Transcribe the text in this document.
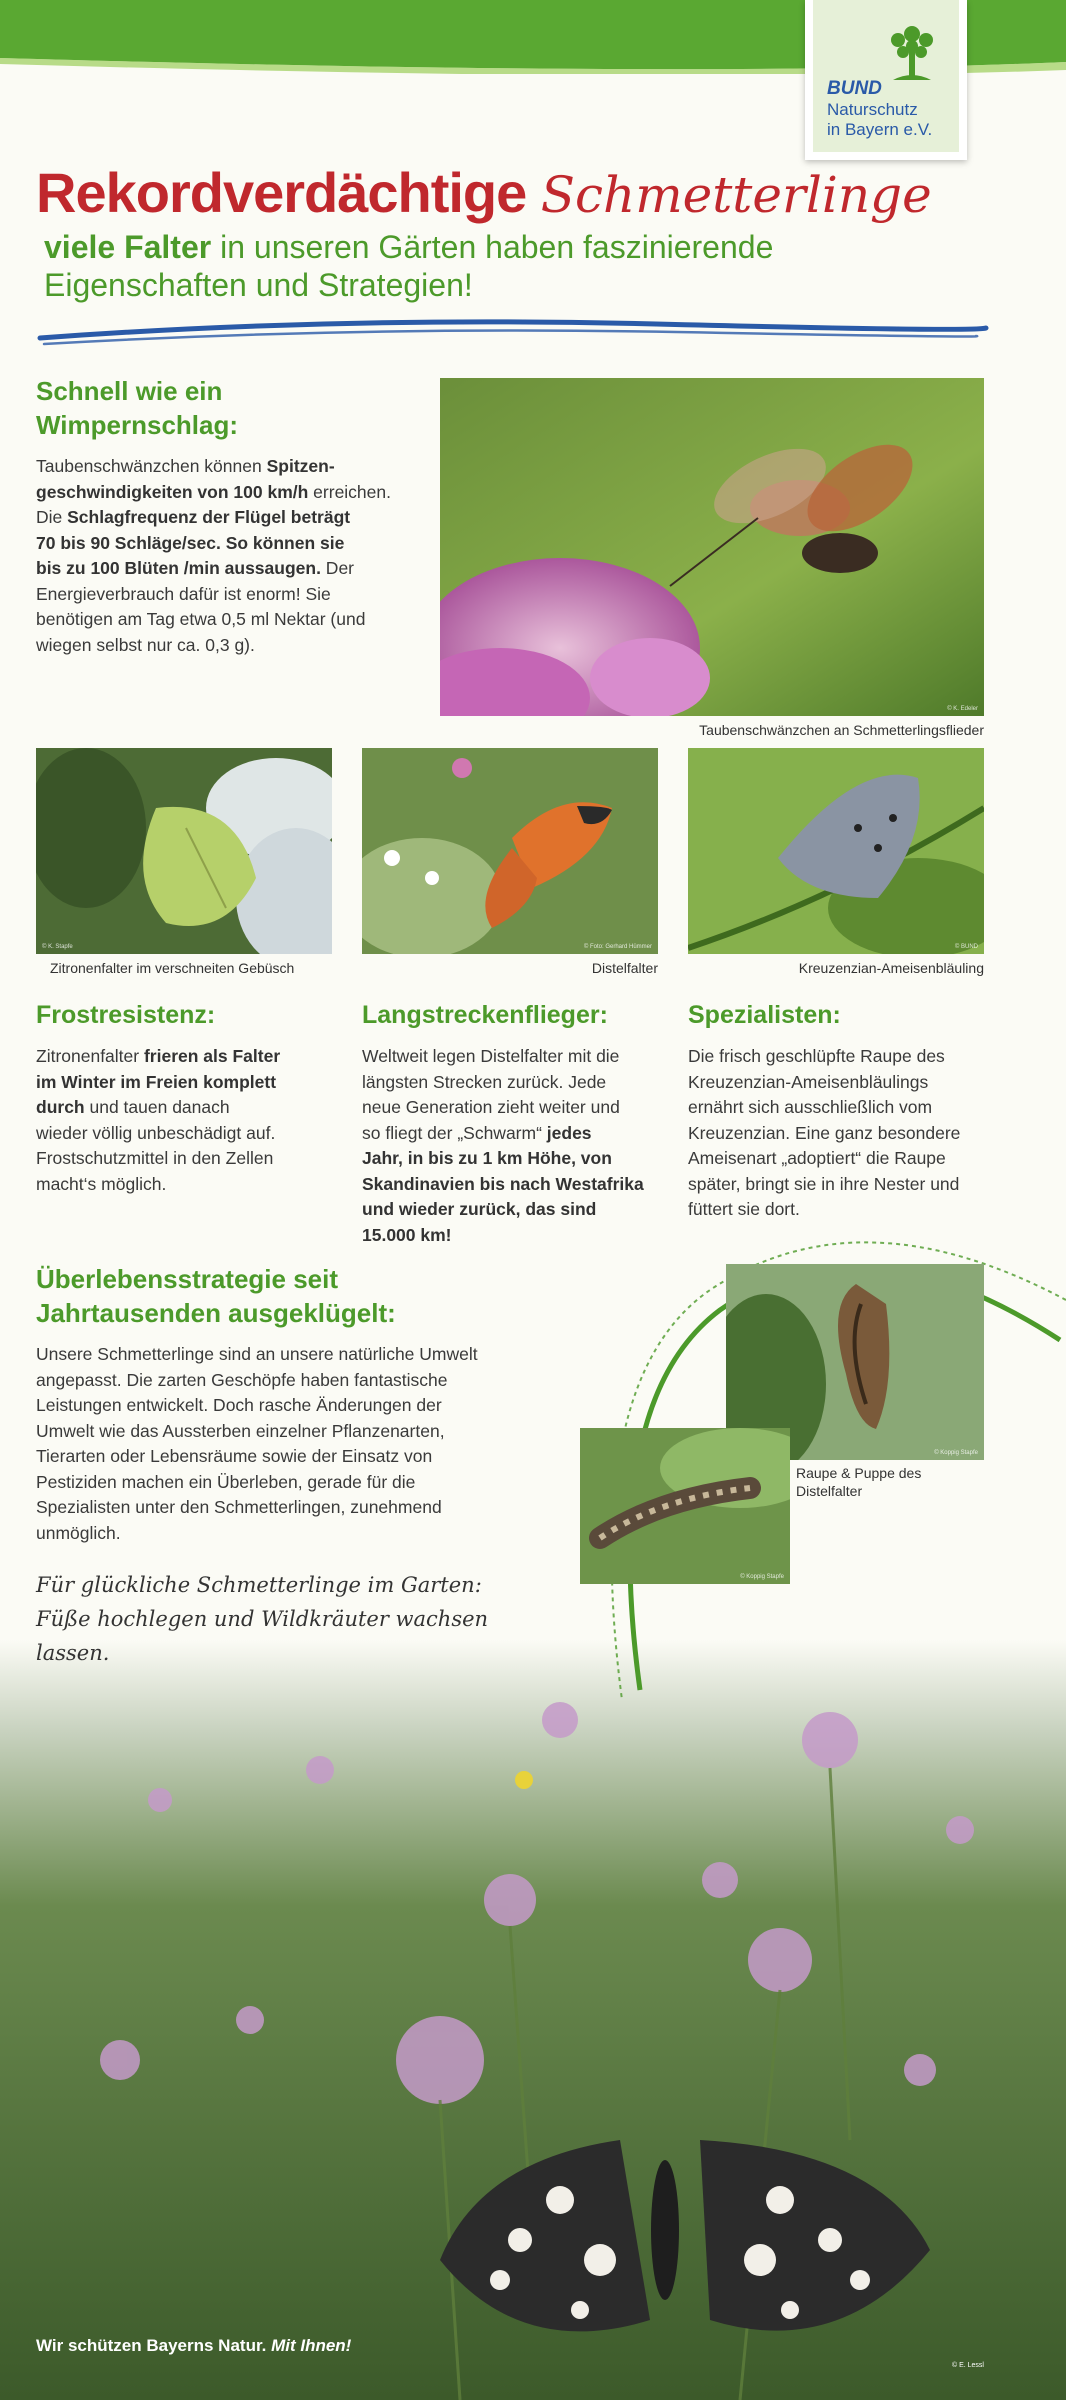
BUND
Naturschutz
in Bayern e.V.
Rekordverdächtige Schmetterlinge
viele Falter in unseren Gärten haben faszinierende
Eigenschaften und Strategien!
Schnell wie ein
Wimpernschlag:
Taubenschwänzchen können Spitzen-
geschwindigkeiten von 100 km/h erreichen.
Die Schlagfrequenz der Flügel beträgt
70 bis 90 Schläge/sec. So können sie
bis zu 100 Blüten /min aussaugen. Der
Energieverbrauch dafür ist enorm! Sie
benötigen am Tag etwa 0,5 ml Nektar (und
wiegen selbst nur ca. 0,3 g).
© K. Edeler
Taubenschwänzchen an Schmetterlingsflieder
© K. Stapfe	© Foto: Gerhard Hümmer	© BUND
Zitronenfalter im verschneiten Gebüsch	Distelfalter	Kreuzenzian-Ameisenbläuling
Frostresistenz:	Langstreckenflieger:	Spezialisten:
Zitronenfalter frieren als Falter
im Winter im Freien komplett
durch und tauen danach
wieder völlig unbeschädigt auf.
Frostschutzmittel in den Zellen
macht‘s möglich.
Weltweit legen Distelfalter mit die
längsten Strecken zurück. Jede
neue Generation zieht weiter und
so fliegt der „Schwarm“ jedes
Jahr, in bis zu 1 km Höhe, von
Skandinavien bis nach Westafrika
und wieder zurück, das sind
15.000 km!
Die frisch geschlüpfte Raupe des
Kreuzenzian-Ameisenbläulings
ernährt sich ausschließlich vom
Kreuzenzian. Eine ganz besondere
Ameisenart „adoptiert“ die Raupe
später, bringt sie in ihre Nester und
füttert sie dort.
Überlebensstrategie seit
Jahrtausenden ausgeklügelt:
Unsere Schmetterlinge sind an unsere natürliche Umwelt
angepasst. Die zarten Geschöpfe haben fantastische
Leistungen entwickelt. Doch rasche Änderungen der
Umwelt wie das Aussterben einzelner Pflanzenarten,
Tierarten oder Lebensräume sowie der Einsatz von
Pestiziden machen ein Überleben, gerade für die
Spezialisten unter den Schmetterlingen, zunehmend
unmöglich.
Für glückliche Schmetterlinge im Garten:
Füße hochlegen und Wildkräuter wachsen
lassen.
© Koppig Stapfe
© Koppig Stapfe
Raupe & Puppe des
Distelfalter
Wir schützen Bayerns Natur. Mit Ihnen!
© E. Lessl
